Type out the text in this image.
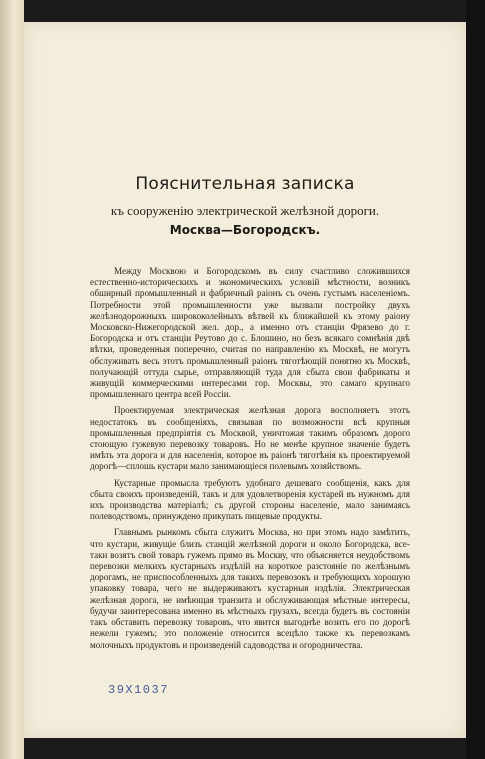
Пояснительная записка
къ сооруженію электрической желѣзной дороги.
Москва—Богородскъ.

Между Москвою и Богородскомъ въ силу счастливо сложившихся естественно-историческихъ и экономическихъ условій мѣстности, возникъ обширный промышленный и фабричный раіонъ съ очень густымъ населеніемъ. Потребности этой промышленности уже вызвали постройку двухъ желѣзнодорожныхъ ширококолейныхъ вѣтвей къ ближайшей къ этому раіону Московско-Нижегородской жел. дор., а именно отъ станціи Фрязево до г. Богородска и отъ станціи Реутово до с. Блошино, но безъ всякаго сомнѣнія двѣ вѣтки, проведенныя поперечно, считая по направленію къ Москвѣ, не могутъ обслуживать весь этотъ промышленный раіонъ тяготѣющій понятно къ Москвѣ, получающій оттуда сырье, отправляющій туда для сбыта свои фабрикаты и живущій коммерческими интересами гор. Москвы, это самаго крупнаго промышленнаго центра всей Россіи.

Проектируемая электрическая желѣзная дорога восполняетъ этотъ недостатокъ въ сообщеніяхъ, связывая по возможности всѣ крупныя промышленныя предпріятія съ Москвой, уничтожая такимъ образомъ дорого стоющую гужевую перевозку товаровъ. Но не менѣе крупное значеніе будетъ имѣть эта дорога и для населенія, которое въ раіонѣ тяготѣнія къ проектируемой дорогѣ—сплошь кустари мало занимающіеся полевымъ хозяйствомъ.

Кустарные промысла требуютъ удобнаго дешеваго сообщенія, какъ для сбыта своихъ произведеній, такъ и для удовлетворенія кустарей въ нужномъ для ихъ производства матеріалѣ; съ другой стороны населеніе, мало занимаясь полеводствомъ, принуждено прикупать пищевые продукты.

Главнымъ рынкомъ сбыта служитъ Москва, но при этомъ надо замѣтить, что кустари, живущіе близъ станцій желѣзной дороги и около Богородска, все-таки возятъ свой товаръ гужемъ прямо въ Москву, что объясняется неудобствомъ перевозки мелкихъ кустарныхъ издѣлій на короткое разстояніе по желѣзнымъ дорогамъ, не приспособленныхъ для такихъ перевозокъ и требующихъ хорошую упаковку товара, чего не выдерживаютъ кустарныя издѣлія. Электрическая желѣзная дорога, не имѣющая транзита и обслуживающая мѣстные интересы, будучи заинтересована именно въ мѣстныхъ грузахъ, всегда будетъ въ состояніи такъ обставить перевозку товаровъ, что явится выгоднѣе возить его по дорогѣ нежели гужемъ; это положеніе относится всецѣло также къ перевозкамъ молочныхъ продуктовъ и произведеній садоводства и огородничества.

39X1037
